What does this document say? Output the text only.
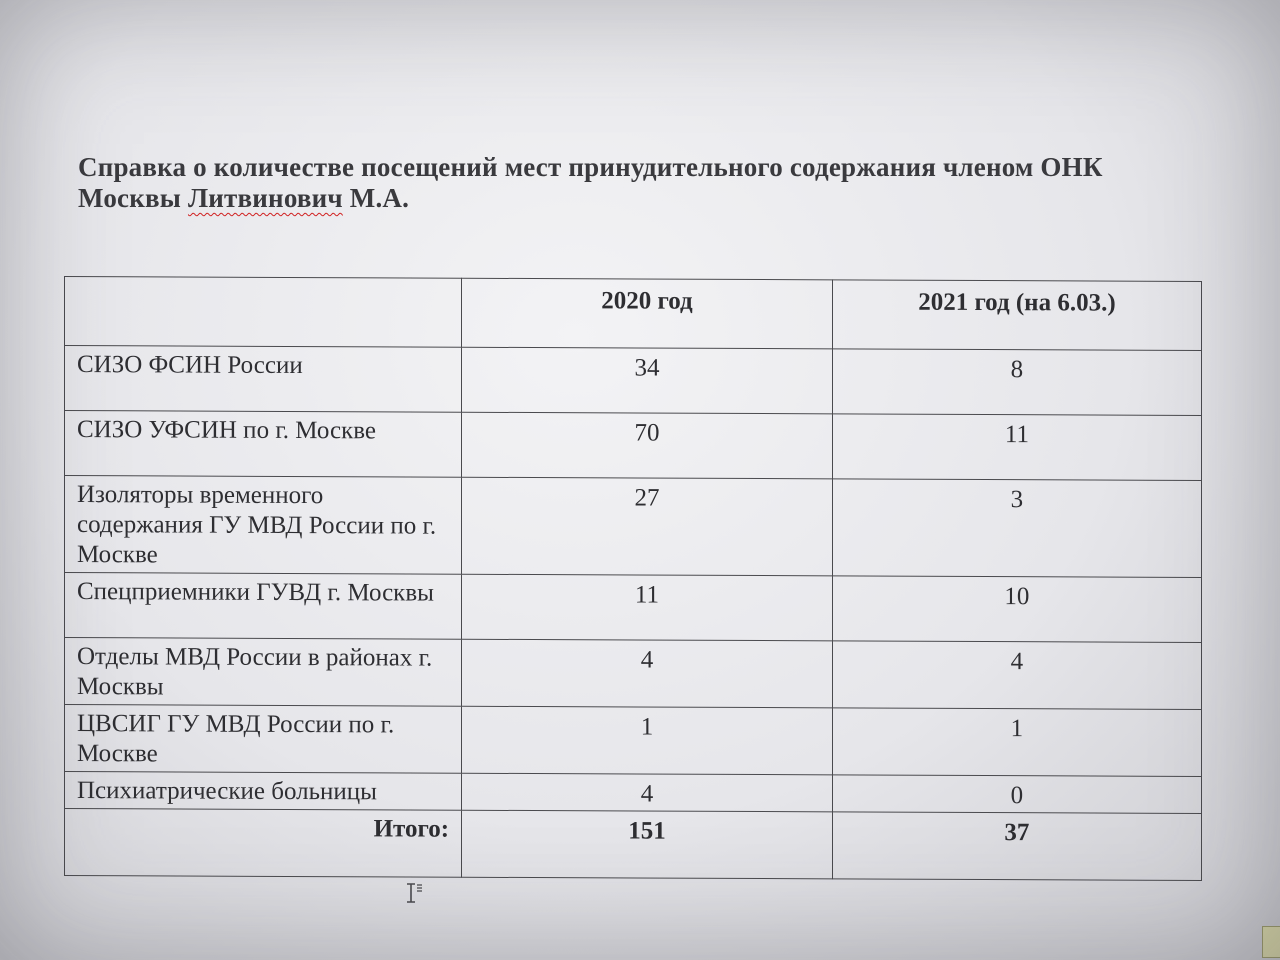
Справка о количестве посещений мест принудительного содержания членом ОНК
Москвы Литвинович М.А.
	2020 год	2021 год (на 6.03.)
СИЗО ФСИН России	34	8
СИЗО УФСИН по г. Москве	70	11
Изоляторы временного содержания ГУ МВД России по г. Москве	27	3
Спецприемники ГУВД г. Москвы	11	10
Отделы МВД России в районах г. Москвы	4	4
ЦВСИГ ГУ МВД России по г. Москве	1	1
Психиатрические больницы	4	0
Итого:	151	37
